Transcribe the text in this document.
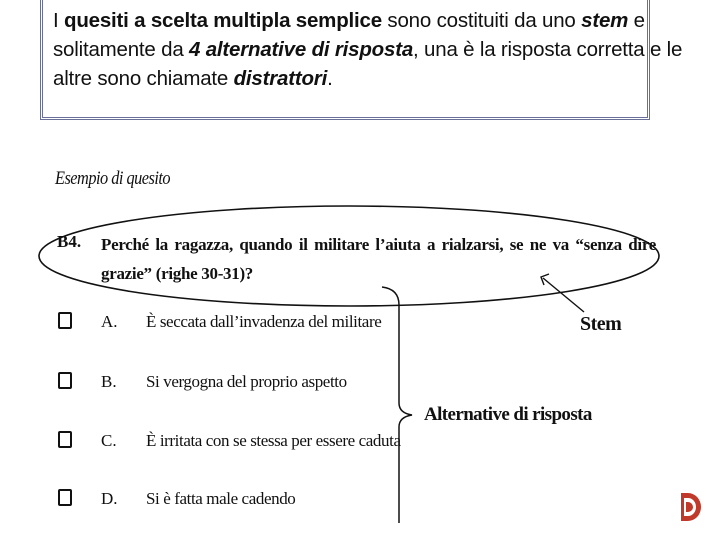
I quesiti a scelta multipla semplice sono costituiti da uno stem e
solitamente da 4 alternative di risposta, una è la risposta corretta e le
altre sono chiamate distrattori.
Esempio di quesito
B4. Perché la ragazza, quando il militare l’aiuta a rialzarsi, se ne va “senza dire grazie” (righe 30-31)?
Stem
Alternative di risposta
A. È seccata dall’invadenza del militare
B. Si vergogna del proprio aspetto
C. È irritata con se stessa per essere caduta
D. Si è fatta male cadendo
